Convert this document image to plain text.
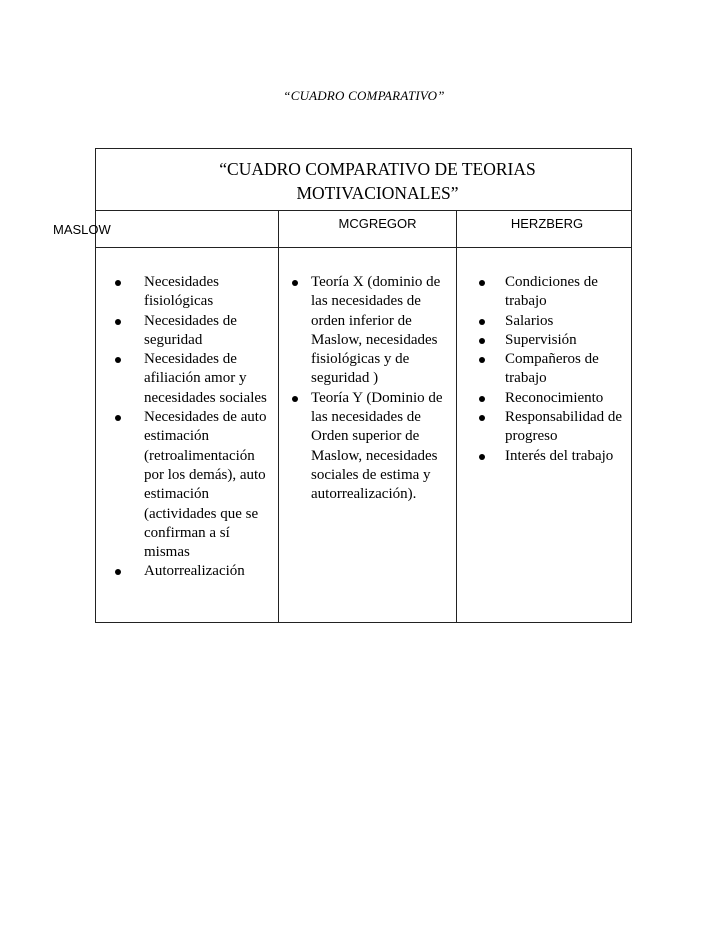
“CUADRO COMPARATIVO”
“CUADRO COMPARATIVO DE TEORIAS MOTIVACIONALES”
MCGREGOR	HERZBERG
Necesidades fisiológicas
Necesidades de seguridad
Necesidades de afiliación amor y necesidades sociales
Necesidades de auto estimación (retroalimentación por los demás), auto estimación (actividades que se confirman a sí mismas
Autorrealización
Teoría X (dominio de las necesidades de orden inferior de Maslow, necesidades fisiológicas y de seguridad )
Teoría Y (Dominio de las necesidades de Orden superior de Maslow, necesidades sociales de estima y autorrealización).
Condiciones de trabajo
Salarios
Supervisión
Compañeros de trabajo
Reconocimiento
Responsabilidad de progreso
Interés del trabajo
MASLOW
